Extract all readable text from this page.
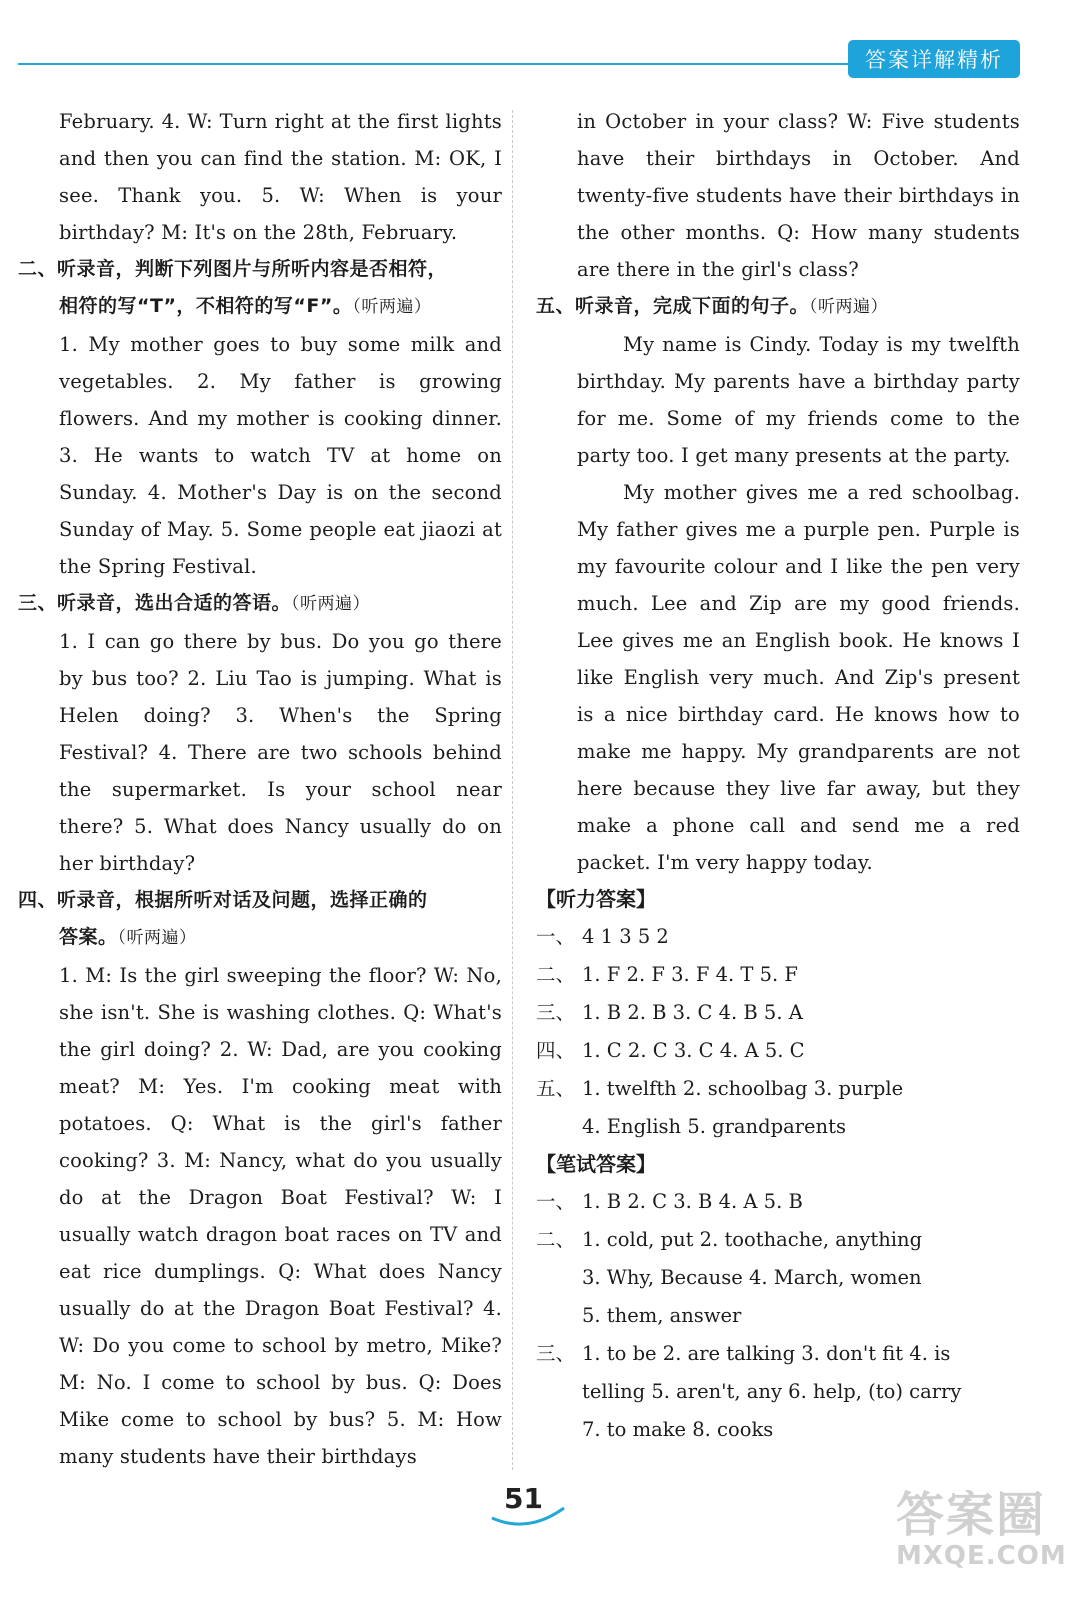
答案详解精析

February. 4. W: Turn right at the first lights and then you can find the station. M: OK, I see. Thank you. 5. W: When is your birthday? M: It's on the 28th, February.

二、听录音，判断下列图片与所听内容是否相符，
相符的写“T”，不相符的写“F”。（听两遍）

1. My mother goes to buy some milk and vegetables. 2. My father is growing flowers. And my mother is cooking dinner. 3. He wants to watch TV at home on Sunday. 4. Mother's Day is on the second Sunday of May. 5. Some people eat jiaozi at the Spring Festival.

三、听录音，选出合适的答语。（听两遍）

1. I can go there by bus. Do you go there by bus too? 2. Liu Tao is jumping. What is Helen doing? 3. When's the Spring Festival? 4. There are two schools behind the supermarket. Is your school near there? 5. What does Nancy usually do on her birthday?

四、听录音，根据所听对话及问题，选择正确的
答案。（听两遍）

1. M: Is the girl sweeping the floor? W: No, she isn't. She is washing clothes. Q: What's the girl doing? 2. W: Dad, are you cooking meat? M: Yes. I'm cooking meat with potatoes. Q: What is the girl's father cooking? 3. M: Nancy, what do you usually do at the Dragon Boat Festival? W: I usually watch dragon boat races on TV and eat rice dumplings. Q: What does Nancy usually do at the Dragon Boat Festival? 4. W: Do you come to school by metro, Mike? M: No. I come to school by bus. Q: Does Mike come to school by bus? 5. M: How many students have their birthdays

in October in your class? W: Five students have their birthdays in October. And twenty-five students have their birthdays in the other months. Q: How many students are there in the girl's class?

五、听录音，完成下面的句子。（听两遍）

My name is Cindy. Today is my twelfth birthday. My parents have a birthday party for me. Some of my friends come to the party too. I get many presents at the party.

My mother gives me a red schoolbag. My father gives me a purple pen. Purple is my favourite colour and I like the pen very much. Lee and Zip are my good friends. Lee gives me an English book. He knows I like English very much. And Zip's present is a nice birthday card. He knows how to make me happy. My grandparents are not here because they live far away, but they make a phone call and send me a red packet. I'm very happy today.

【听力答案】

一、 4 1 3 5 2

二、 1. F 2. F 3. F 4. T 5. F

三、 1. B 2. B 3. C 4. B 5. A

四、 1. C 2. C 3. C 4. A 5. C

五、 1. twelfth 2. schoolbag 3. purple

4. English 5. grandparents

【笔试答案】

一、 1. B 2. C 3. B 4. A 5. B

二、 1. cold, put 2. toothache, anything

3. Why, Because 4. March, women

5. them, answer

三、 1. to be 2. are talking 3. don't fit 4. is

telling 5. aren't, any 6. help, (to) carry

7. to make 8. cooks

51	答案圈
MXQE.COM
